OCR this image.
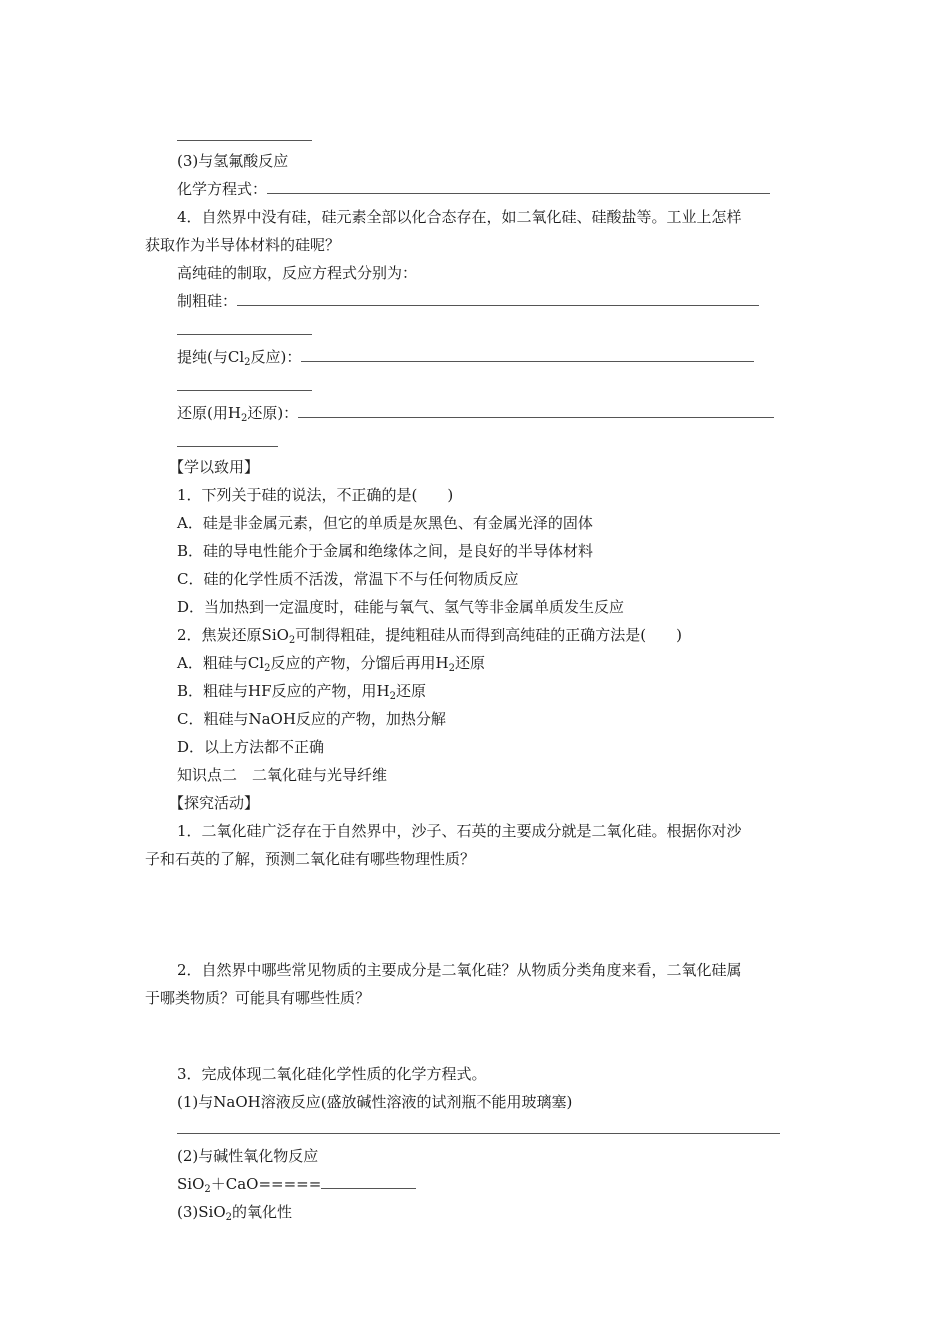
(3)与氢氟酸反应
化学方程式：
4．自然界中没有硅，硅元素全部以化合态存在，如二氧化硅、硅酸盐等。工业上怎样
获取作为半导体材料的硅呢？
高纯硅的制取，反应方程式分别为：
制粗硅：
提纯(与$Cl_2$反应)：
还原(用$H_2$还原)：
【学以致用】
1．下列关于硅的说法，不正确的是(　　)
A．硅是非金属元素，但它的单质是灰黑色、有金属光泽的固体
B．硅的导电性能介于金属和绝缘体之间，是良好的半导体材料
C．硅的化学性质不活泼，常温下不与任何物质反应
D．当加热到一定温度时，硅能与氧气、氢气等非金属单质发生反应
2．焦炭还原SiO$_2$可制得粗硅，提纯粗硅从而得到高纯硅的正确方法是(　　)
A．粗硅与$Cl_2$反应的产物，分馏后再用$H_2$还原
B．粗硅与HF反应的产物，用$H_2$还原
C．粗硅与NaOH反应的产物，加热分解
D．以上方法都不正确
知识点二　二氧化硅与光导纤维
【探究活动】
1．二氧化硅广泛存在于自然界中，沙子、石英的主要成分就是二氧化硅。根据你对沙
子和石英的了解，预测二氧化硅有哪些物理性质？
2．自然界中哪些常见物质的主要成分是二氧化硅？从物质分类角度来看，二氧化硅属
于哪类物质？可能具有哪些性质？
3．完成体现二氧化硅化学性质的化学方程式。
(1)与NaOH溶液反应(盛放碱性溶液的试剂瓶不能用玻璃塞)
(2)与碱性氧化物反应
SiO$_2$＋CaO=====
(3)SiO$_2$的氧化性
